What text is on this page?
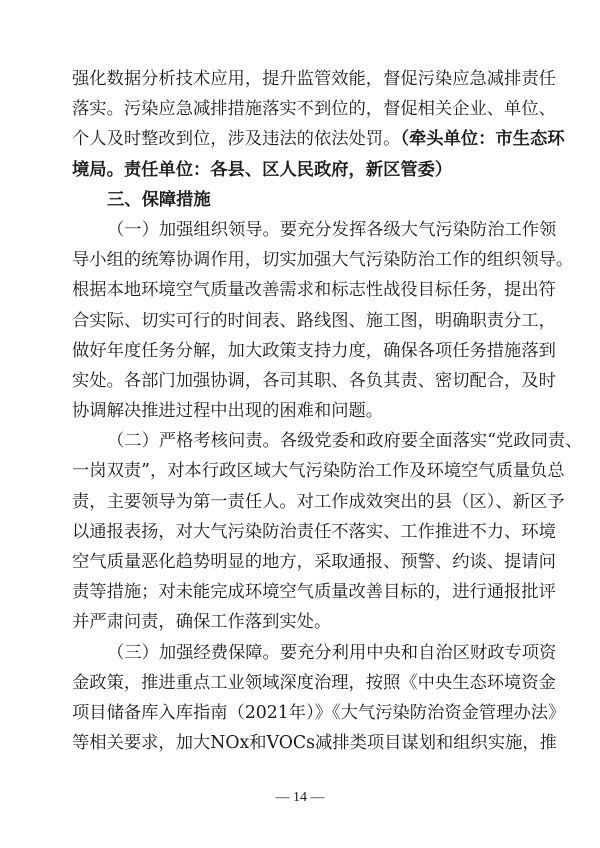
强化数据分析技术应用，提升监管效能，督促污染应急减排责任
落实。污染应急减排措施落实不到位的，督促相关企业、单位、
个人及时整改到位，涉及违法的依法处罚。（牵头单位：市生态环
境局。责任单位：各县、区人民政府，新区管委）
三、保障措施
（一）加强组织领导。要充分发挥各级大气污染防治工作领
导小组的统筹协调作用，切实加强大气污染防治工作的组织领导。
根据本地环境空气质量改善需求和标志性战役目标任务，提出符
合实际、切实可行的时间表、路线图、施工图，明确职责分工，
做好年度任务分解，加大政策支持力度，确保各项任务措施落到
实处。各部门加强协调，各司其职、各负其责、密切配合，及时
协调解决推进过程中出现的困难和问题。
（二）严格考核问责。各级党委和政府要全面落实“党政同责、
一岗双责”，对本行政区域大气污染防治工作及环境空气质量负总
责，主要领导为第一责任人。对工作成效突出的县（区）、新区予
以通报表扬，对大气污染防治责任不落实、工作推进不力、环境
空气质量恶化趋势明显的地方，采取通报、预警、约谈、提请问
责等措施；对未能完成环境空气质量改善目标的，进行通报批评
并严肃问责，确保工作落到实处。
（三）加强经费保障。要充分利用中央和自治区财政专项资
金政策，推进重点工业领域深度治理，按照《中央生态环境资金
项目储备库入库指南（2021年）》《大气污染防治资金管理办法》
等相关要求，加大NOx和VOCs减排类项目谋划和组织实施，推
— 14 —
